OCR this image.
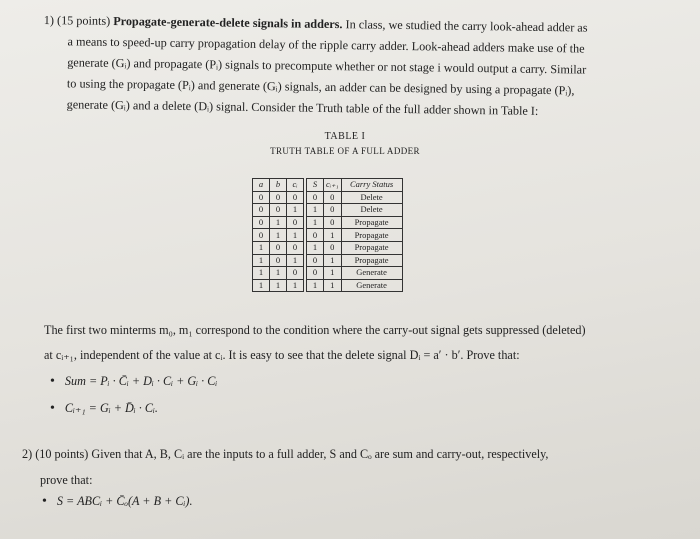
1) (15 points) Propagate-generate-delete signals in adders. In class, we studied the carry look-ahead adder as
a means to speed-up carry propagation delay of the ripple carry adder. Look-ahead adders make use of the
generate (Gᵢ) and propagate (Pᵢ) signals to precompute whether or not stage i would output a carry. Similar
to using the propagate (Pᵢ) and generate (Gᵢ) signals, an adder can be designed by using a propagate (Pᵢ),
generate (Gᵢ) and a delete (Dᵢ) signal. Consider the Truth table of the full adder shown in Table I:
TABLE I
TRUTH TABLE OF A FULL ADDER
a	b	cᵢ		S	cᵢ₊₁	Carry Status
0	0	0		0	0	Delete
0	0	1		1	0	Delete
0	1	0		1	0	Propagate
0	1	1		0	1	Propagate
1	0	0		1	0	Propagate
1	0	1		0	1	Propagate
1	1	0		0	1	Generate
1	1	1		1	1	Generate
The first two minterms m₀, m₁ correspond to the condition where the carry-out signal gets suppressed (deleted)
at cᵢ₊₁, independent of the value at cᵢ. It is easy to see that the delete signal Dᵢ = a′ · b′. Prove that:
• Sum = Pᵢ · C̄ᵢ + Dᵢ · Cᵢ + Gᵢ · Cᵢ
• Cᵢ₊₁ = Gᵢ + D̄ᵢ · Cᵢ.
2) (10 points) Given that A, B, Cᵢ are the inputs to a full adder, S and Cₒ are sum and carry-out, respectively,
prove that:
• S = ABCᵢ + C̄ₒ(A + B + Cᵢ).
